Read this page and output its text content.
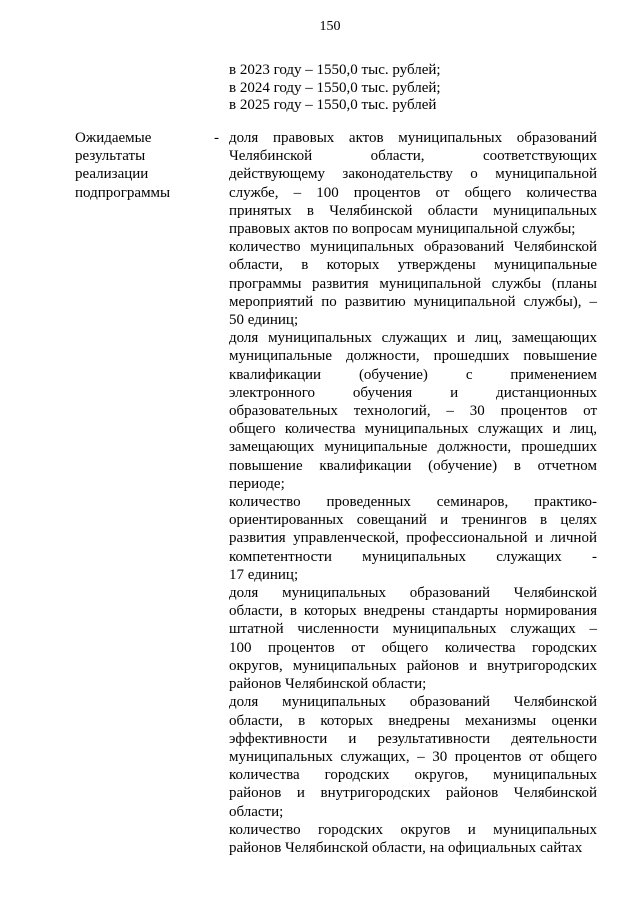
150
в 2023 году – 1550,0 тыс. рублей;
в 2024 году – 1550,0 тыс. рублей;
в 2025 году – 1550,0 тыс. рублей
Ожидаемые
результаты
реализации
подпрограммы
- доля правовых актов муниципальных образований
Челябинской области, соответствующих
действующему законодательству о муниципальной
службе, – 100 процентов от общего количества
принятых в Челябинской области муниципальных
правовых актов по вопросам муниципальной службы;
количество муниципальных образований Челябинской
области, в которых утверждены муниципальные
программы развития муниципальной службы (планы
мероприятий по развитию муниципальной службы), –
50 единиц;
доля муниципальных служащих и лиц, замещающих
муниципальные должности, прошедших повышение
квалификации (обучение) с применением
электронного обучения и дистанционных
образовательных технологий, – 30 процентов от
общего количества муниципальных служащих и лиц,
замещающих муниципальные должности, прошедших
повышение квалификации (обучение) в отчетном
периоде;
количество проведенных семинаров, практико-
ориентированных совещаний и тренингов в целях
развития управленческой, профессиональной и личной
компетентности муниципальных служащих -
17 единиц;
доля муниципальных образований Челябинской
области, в которых внедрены стандарты нормирования
штатной численности муниципальных служащих –
100 процентов от общего количества городских
округов, муниципальных районов и внутригородских
районов Челябинской области;
доля муниципальных образований Челябинской
области, в которых внедрены механизмы оценки
эффективности и результативности деятельности
муниципальных служащих, – 30 процентов от общего
количества городских округов, муниципальных
районов и внутригородских районов Челябинской
области;
количество городских округов и муниципальных
районов Челябинской области, на официальных сайтах
